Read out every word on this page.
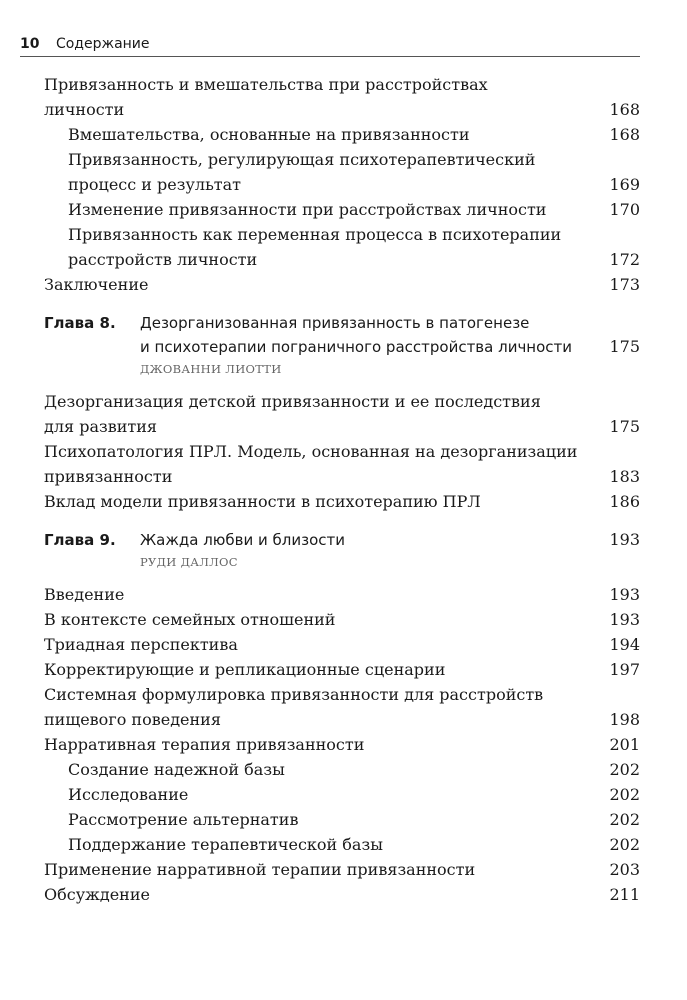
10 Содержание
Привязанность и вмешательства при расстройствах
личности	168
Вмешательства, основанные на привязанности	168
Привязанность, регулирующая психотерапевтический
процесс и результат	169
Изменение привязанности при расстройствах личности	170
Привязанность как переменная процесса в психотерапии
расстройств личности	172
Заключение	173
Глава 8. Дезорганизованная привязанность в патогенезе
и психотерапии пограничного расстройства личности	175
ДЖОВАННИ ЛИОТТИ
Дезорганизация детской привязанности и ее последствия
для развития	175
Психопатология ПРЛ. Модель, основанная на дезорганизации
привязанности	183
Вклад модели привязанности в психотерапию ПРЛ	186
Глава 9. Жажда любви и близости	193
РУДИ ДАЛЛОС
Введение	193
В контексте семейных отношений	193
Триадная перспектива	194
Корректирующие и репликационные сценарии	197
Системная формулировка привязанности для расстройств
пищевого поведения	198
Нарративная терапия привязанности	201
Создание надежной базы	202
Исследование	202
Рассмотрение альтернатив	202
Поддержание терапевтической базы	202
Применение нарративной терапии привязанности	203
Обсуждение	211
